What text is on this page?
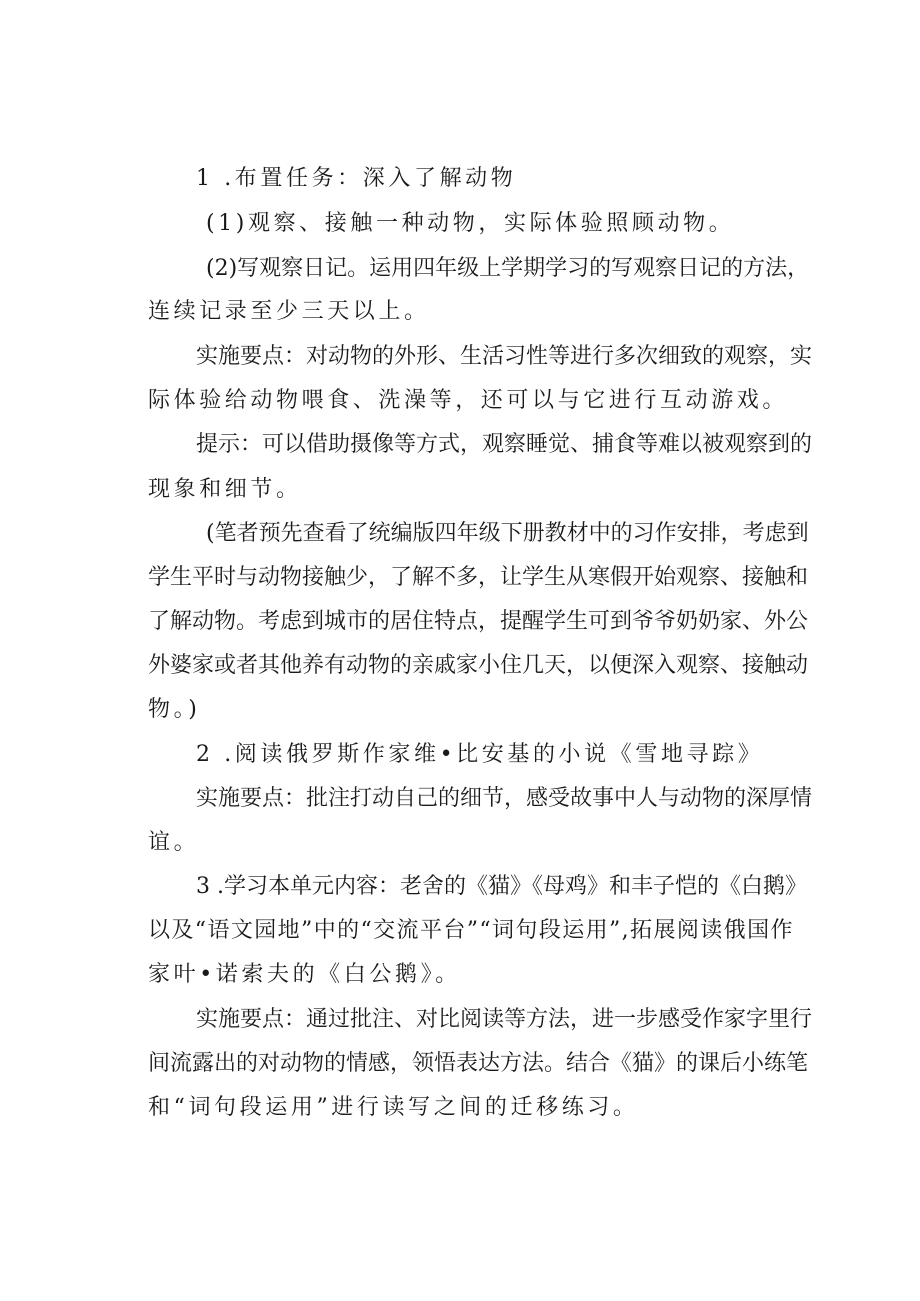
1 .布置任务：深入了解动物
(1)观察、接触一种动物，实际体验照顾动物。
(2)写观察日记。运用四年级上学期学习的写观察日记的方法，
连续记录至少三天以上。
实施要点：对动物的外形、生活习性等进行多次细致的观察，实
际体验给动物喂食、洗澡等，还可以与它进行互动游戏。
提示：可以借助摄像等方式，观察睡觉、捕食等难以被观察到的
现象和细节。
(笔者预先查看了统编版四年级下册教材中的习作安排，考虑到
学生平时与动物接触少，了解不多，让学生从寒假开始观察、接触和
了解动物。考虑到城市的居住特点，提醒学生可到爷爷奶奶家、外公
外婆家或者其他养有动物的亲戚家小住几天，以便深入观察、接触动
物。)
2 .阅读俄罗斯作家维•比安基的小说《雪地寻踪》
实施要点：批注打动自己的细节，感受故事中人与动物的深厚情
谊。
3 .学习本单元内容：老舍的《猫》《母鸡》和丰子恺的《白鹅》
以及“语文园地”中的“交流平台”“词句段运用”,拓展阅读俄国作
家叶•诺索夫的《白公鹅》。
实施要点：通过批注、对比阅读等方法，进一步感受作家字里行
间流露出的对动物的情感，领悟表达方法。结合《猫》的课后小练笔
和“词句段运用”进行读写之间的迁移练习。
